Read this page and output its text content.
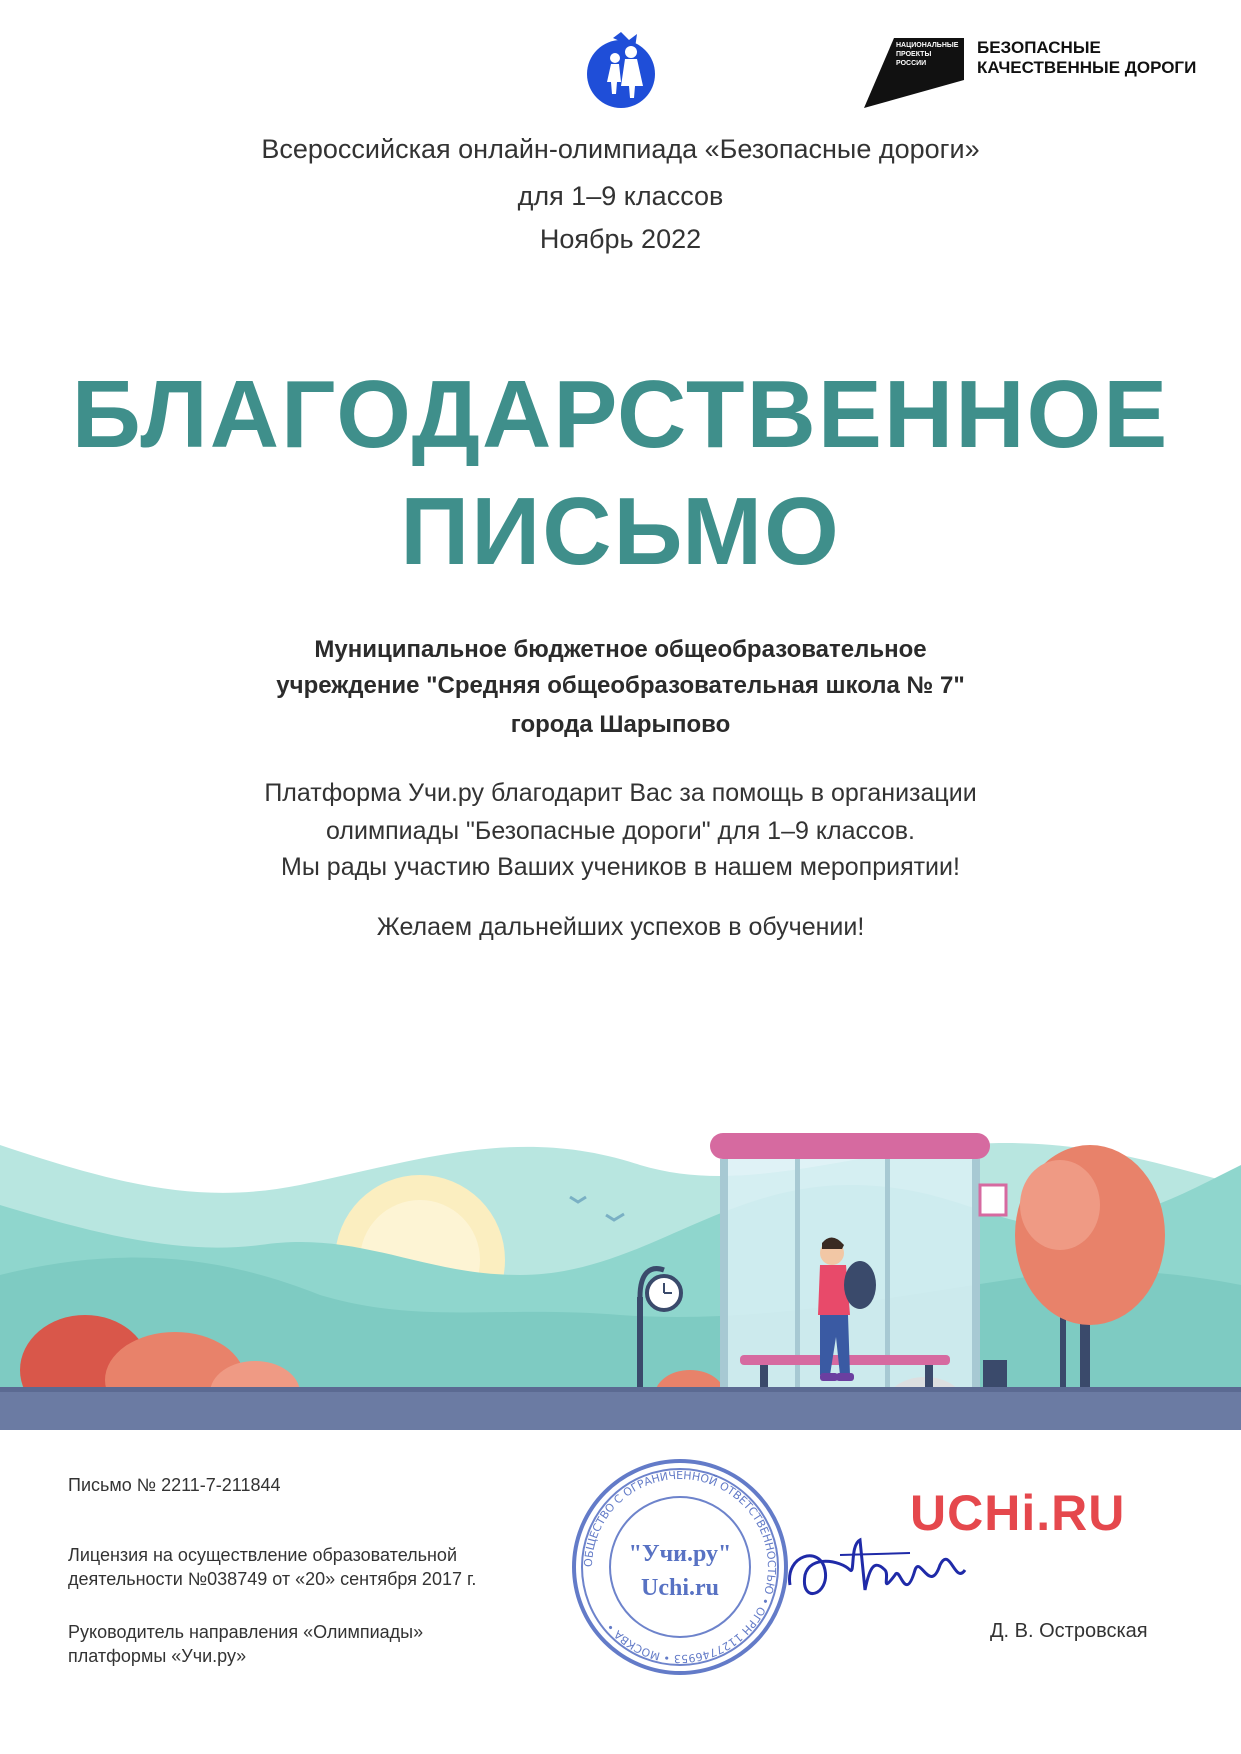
НАЦИОНАЛЬНЫЕ ПРОЕКТЫ РОССИИ
БЕЗОПАСНЫЕ
КАЧЕСТВЕННЫЕ ДОРОГИ
Всероссийская онлайн-олимпиада «Безопасные дороги»
для 1–9 классов
Ноябрь 2022
БЛАГОДАРСТВЕННОЕ
ПИСЬМО
Муниципальное бюджетное общеобразовательное
учреждение "Средняя общеобразовательная школа № 7"
города Шарыпово
Платформа Учи.ру благодарит Вас за помощь в организации
олимпиады "Безопасные дороги" для 1–9 классов.
Мы рады участию Ваших учеников в нашем мероприятии!
Желаем дальнейших успехов в обучении!
Письмо № 2211-7-211844
Лицензия на осуществление образовательной
деятельности №038749 от «20» сентября 2017 г.
Руководитель направления «Олимпиады»
платформы «Учи.ру»
ОБЩЕСТВО С ОГРАНИЧЕННОЙ ОТВЕТСТВЕННОСТЬЮ • ОГРН 1127746953 • МОСКВА •
"Учи.ру"
Uchi.ru
UCHi.RU
Д. В. Островская
